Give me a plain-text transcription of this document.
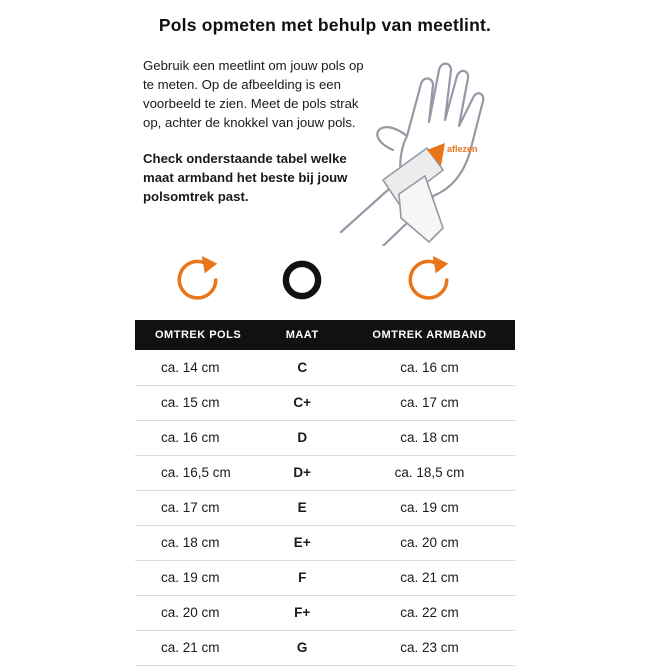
Pols opmeten met behulp van meetlint.

Gebruik een meetlint om jouw pols op te meten. Op de afbeelding is een voorbeeld te zien. Meet de pols strak op, achter de knokkel van jouw pols.

Check onderstaande tabel welke maat armband het beste bij jouw polsomtrek past.

aflezen
OMTREK POLS	MAAT	OMTREK ARMBAND
ca. 14 cm	C	ca. 16 cm
ca. 15 cm	C+	ca. 17 cm
ca. 16 cm	D	ca. 18 cm
ca. 16,5 cm	D+	ca. 18,5 cm
ca. 17 cm	E	ca. 19 cm
ca. 18 cm	E+	ca. 20 cm
ca. 19 cm	F	ca. 21 cm
ca. 20 cm	F+	ca. 22 cm
ca. 21 cm	G	ca. 23 cm
